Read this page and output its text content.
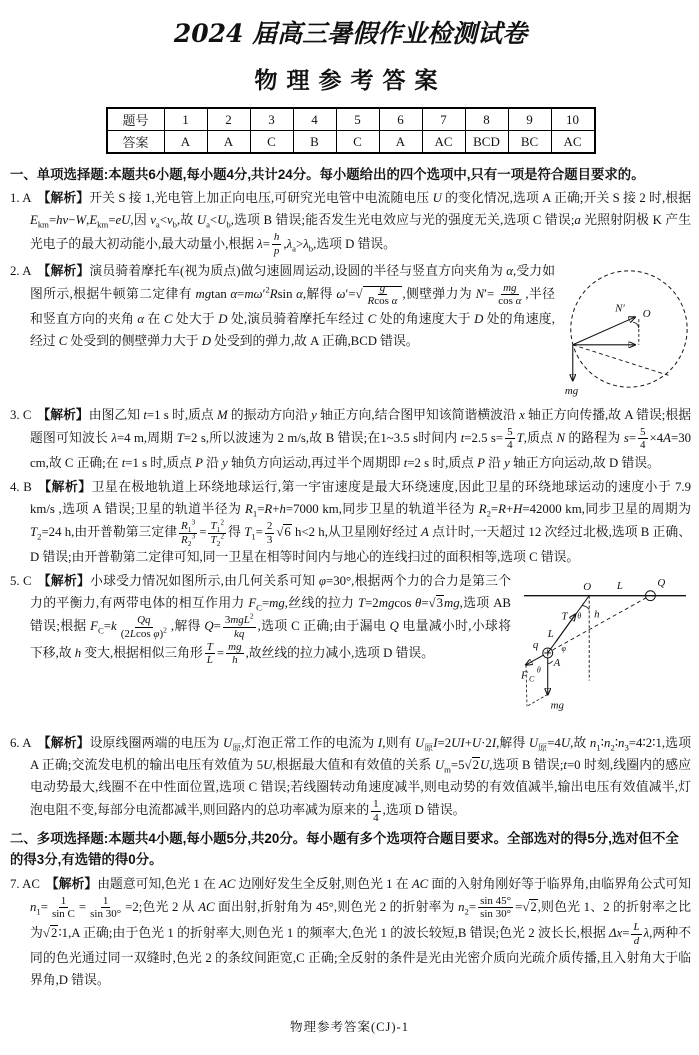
2024 届高三暑假作业检测试卷
物理参考答案
题号	1	2	3	4	5	6	7	8	9	10
答案	A	A	C	B	C	A	AC	BCD	BC	AC
一、单项选择题:本题共6小题,每小题4分,共计24分。每小题给出的四个选项中,只有一项是符合题目要求的。
1. A 【解析】开关 S 接 1,光电管上加正向电压,可研究光电管中电流随电压 U 的变化情况,选项 A 正确;开关 S 接 2 时,根据 $E_{km}=h\nu-W,E_{km}=eU$,因 $\nu_a<\nu_b$,故 $U_a<U_b$,选项 B 错误;能否发生光电效应与光的强度无关,选项 C 错误;a 光照射阴极 K 产生光电子的最大初动能小,最大动量小,根据 $\lambda= \frac{h}{p} ,\lambda_a>\lambda_b$,选项 D 错误。
N′ O
mg
2. A 【解析】演员骑着摩托车(视为质点)做匀速圆周运动,设圆的半径与竖直方向夹角为 α,受力如图所示,根据牛顿第二定律有 mgtan $\alpha=m\omega'^2Rsin$ α,解得 $\omega'=√ \frac{g}{\text{Rcos α}}$ ,侧壁弹力为 $N'= \frac{mg}{\text{cos α}}$ ,半径和竖直方向的夹角 α 在 C 处大于 D 处,演员骑着摩托车经过 C 处的角速度大于 D 处的角速度,经过 C 处受到的侧壁弹力大于 D 处受到的弹力,故 A 正确,BCD 错误。
3. C 【解析】由图乙知 t=1 s 时,质点 M 的振动方向沿 y 轴正方向,结合图甲知该简谐横波沿 x 轴正方向传播,故 A 错误;根据题图可知波长 λ=4 m,周期 T=2 s,所以波速为 2 m/s,故 B 错误;在1~3.5 s时间内 t=2.5 $s= \frac{5}{4} T$,质点 N 的路程为 $s= \frac{5}{4} \times 4A=30$ cm,故 C 正确;在 t=1 s 时,质点 P 沿 y 轴负方向运动,再过半个周期即 t=2 s 时,质点 P 沿 y 轴正方向运动,故 D 错误。
4. B 【解析】卫星在极地轨道上环绕地球运行,第一宇宙速度是最大环绕速度,因此卫星的环绕地球运动的速度小于 7.9 km/s ,选项 A 错误;卫星的轨道半径为 $R_1=R+h=7000$ km,同步卫星的轨道半径为 $R_2=R+H=42000$ km,同步卫星的周期为 $T_2=24$ h,由开普勒第三定律 $\frac{R_1^3}{R_2^3} = \frac{T_1^2}{T_2^2}$ 得 $T_1= \frac{2}{3} √6$ h<2 h,从卫星刚好经过 A 点计时,一天超过 12 次经过北极,选项 B 正确、D 错误;由开普勒第二定律可知,同一卫星在相等时间内与地心的连线扫过的面积相等,选项 C 错误。
O	Q
L
T
L
θ h
q
A
φ
θ
F C
mg
5. C 【解析】小球受力情况如图所示,由几何关系可知 φ=30°,根据两个力的合力是第三个力的平衡力,有两带电体的相互作用力 $F_C=mg$,丝线的拉力 T=2mgcos θ=√3mg,选项 AB 错误;根据 $F_C=k \frac{Qq}{(2Lcos \varphi)^2}$ ,解得 $Q= \frac{3mgL^2}{kq}$ ,选项 C 正确;由于漏电 Q 电量减小时,小球将下移,故 h 变大,根据相似三角形 $\frac{T}{L} = \frac{mg}{h}$ ,故丝线的拉力减小,选项 D 错误。
6. A 【解析】设原线圈两端的电压为 $U_原$,灯泡正常工作的电流为 I,则有 $U_原I=2UI+U\cdot 2I$,解得 $U_原=4U$,故 $n_1∶n_2∶n_3=4∶2∶1$,选项 A 正确;交流发电机的输出电压有效值为 5U,根据最大值和有效值的关系 $U_m=5√2U$,选项 B 错误;t=0 时刻,线圈内的感应电动势最大,线圈不在中性面位置,选项 C 错误;若线圈转动角速度减半,则电动势的有效值减半,输出电压有效值减半,灯泡电阻不变,每部分电流都减半,则回路内的总功率减为原来的 $\frac{1}{4}$ ,选项 D 错误。
二、多项选择题:本题共4小题,每小题5分,共20分。每小题有多个选项符合题目要求。全部选对的得5分,选对但不全的得3分,有选错的得0分。
7. AC 【解析】由题意可知,色光 1 在 AC 边刚好发生全反射,则色光 1 在 AC 面的入射角刚好等于临界角,由临界角公式可知 $n_1= \frac{1}{\text{sin C}} = \frac{1}{\sin 30^\circ} =2$;色光 2 从 AC 面出射,折射角为 45°,则色光 2 的折射率为 $n_2= \frac{\sin 45^\circ}{\sin 30^\circ} =√2$,则色光 1、2 的折射率之比为√2∶1,A 正确;由于色光 1 的折射率大,则色光 1 的频率大,色光 1 的波长较短,B 错误;色光 2 波长长,根据 $\Delta x= \frac{L}{d} \lambda$,两种不同的色光通过同一双缝时,色光 2 的条纹间距宽,C 正确;全反射的条件是光由光密介质向光疏介质传播,且入射角大于临界角,D 错误。
物理参考答案(CJ)-1
